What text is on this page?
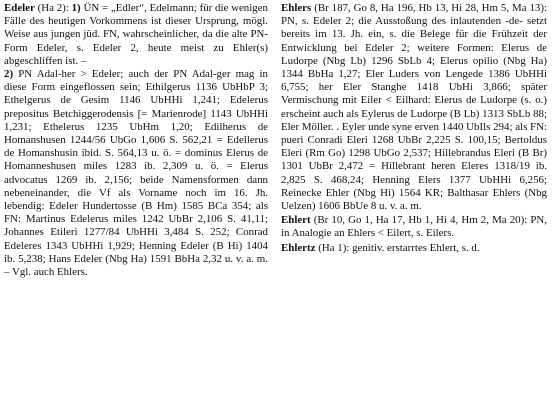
Edeler (Ha 2): 1) ÜN = „Edler“, Edelmann; für die wenigen Fälle des heutigen Vorkommens ist dieser Ursprung, mögl. Weise aus jungen jüd. FN, wahrscheinlicher, da die alte PN-Form Edeler, s. Edeler 2, heute meist zu Ehler(s) abgeschliffen ist. –
2) PN Adal-her > Edeler; auch der PN Adal-ger mag in diese Form eingeflossen sein; Ethilgerus 1136 UbHbP 3; Ethelgerus de Gesim 1146 UbHHi 1,241; Edelerus prepositus Betchiggerodensis [= Marienrode] 1143 UbHHi 1,231; Ethelerus 1235 UbHm 1,20; Edilherus de Homanshusen 1244/56 UbGo 1,606 S. 562,21 = Edellerus de Homanshusin ibid. S. 564,13 u. ö. = dominus Elerus de Homanneshusen miles 1283 ib. 2,309 u. ö. = Elerus advocatus 1269 ib. 2,156; beide Namensformen dann nebeneinander, die Vf als Vorname noch im 16. Jh. lebendig: Edeler Hundertosse (B Hm) 1585 BCa 354; als FN: Martinus Edelerus miles 1242 UbBr 2,106 S. 41,11; Johannes Etileri 1277/84 UbHHi 3,484 S. 252; Conrad Edeleres 1343 UbHHi 1,929; Henning Edeler (B Hi) 1404 ib. 5,238; Hans Edeler (Nbg Ha) 1591 BbHa 2,32 u. v. a. m. – Vgl. auch Ehlers.

Ehlers (Br 187, Go 8, Ha 196, Hb 13, Hi 28, Hm 5, Ma 13): PN, s. Edeler 2; die Ausstoßung des inlautenden -de- setzt bereits im 13. Jh. ein, s. die Belege für die Frühzeit der Entwicklung bei Edeler 2; weitere Formen: Elerus de Ludorpe (Nbg Lb) 1296 SbLb 4; Elerus opilio (Nbg Ha) 1344 BbHa 1,27; Eler Luders von Lengede 1386 UbHHi 6,755; her Eler Stanghe 1418 UbHi 3,866; später Vermischung mit Eiler < Eilhard: Elerus de Ludorpe (s. o.) erscheint auch als Eylerus de Ludorpe (B Lb) 1313 SbLb 88; Eler Möller. . Eyler unde syne erven 1440 UbIls 294; als FN: pueri Conradi Eleri 1268 UbBr 2,225 S. 100,15; Bertoldus Eleri (Rm Go) 1298 UbGo 2,537; Hillebrandus Eleri (B Br) 1301 UbBr 2,472 = Hillebrant heren Eleres 1318/19 ib. 2,825 S. 468,24; Henning Elers 1377 UbHHi 6,256; Reinecke Ehler (Nbg Hi) 1564 KR; Balthasar Ehlers (Nbg Uelzen) 1606 BbUe 8 u. v. a. m.

Ehlert (Br 10, Go 1, Ha 17, Hb 1, Hi 4, Hm 2, Ma 20): PN, in Analogie an Ehlers < Eilert, s. Eilers.

Ehlertz (Ha 1): genitiv. erstarrtes Ehlert, s. d.
